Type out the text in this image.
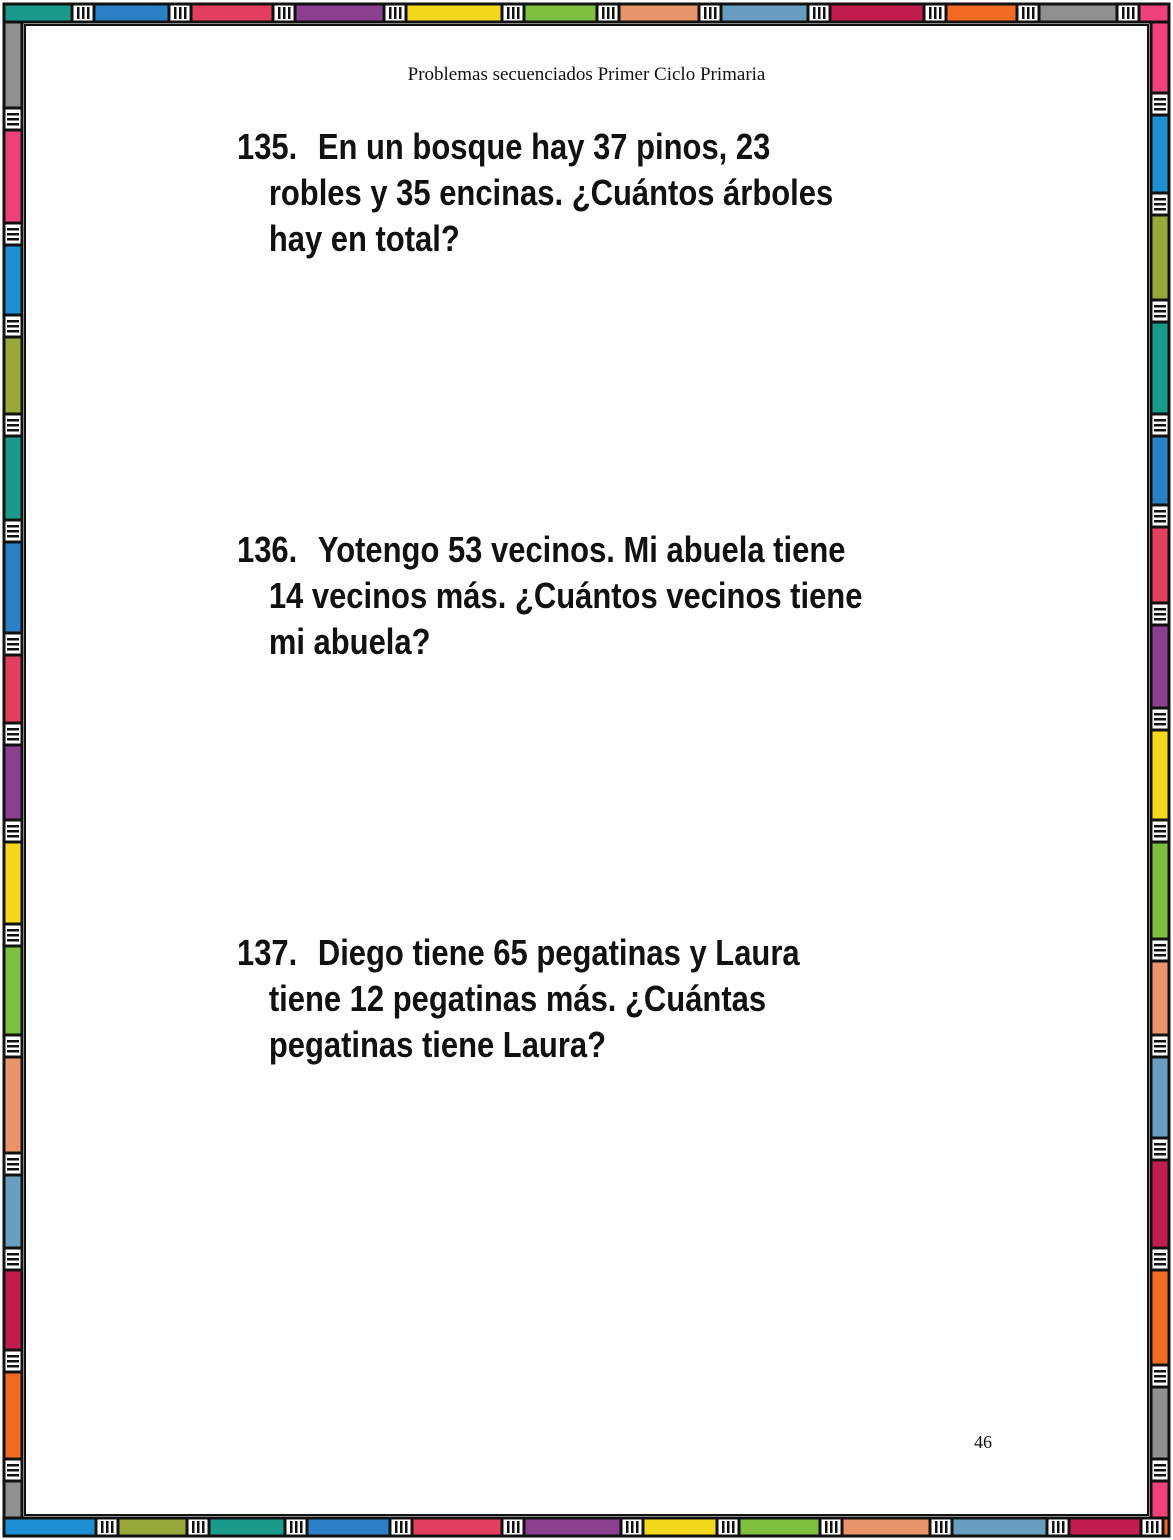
Problemas secuenciados Primer Ciclo Primaria
135. En un bosque hay 37 pinos, 23
robles y 35 encinas. ¿Cuántos árboles
hay en total?
136. Yotengo 53 vecinos. Mi abuela tiene
14 vecinos más. ¿Cuántos vecinos tiene
mi abuela?
137. Diego tiene 65 pegatinas y Laura
tiene 12 pegatinas más. ¿Cuántas
pegatinas tiene Laura?
46
